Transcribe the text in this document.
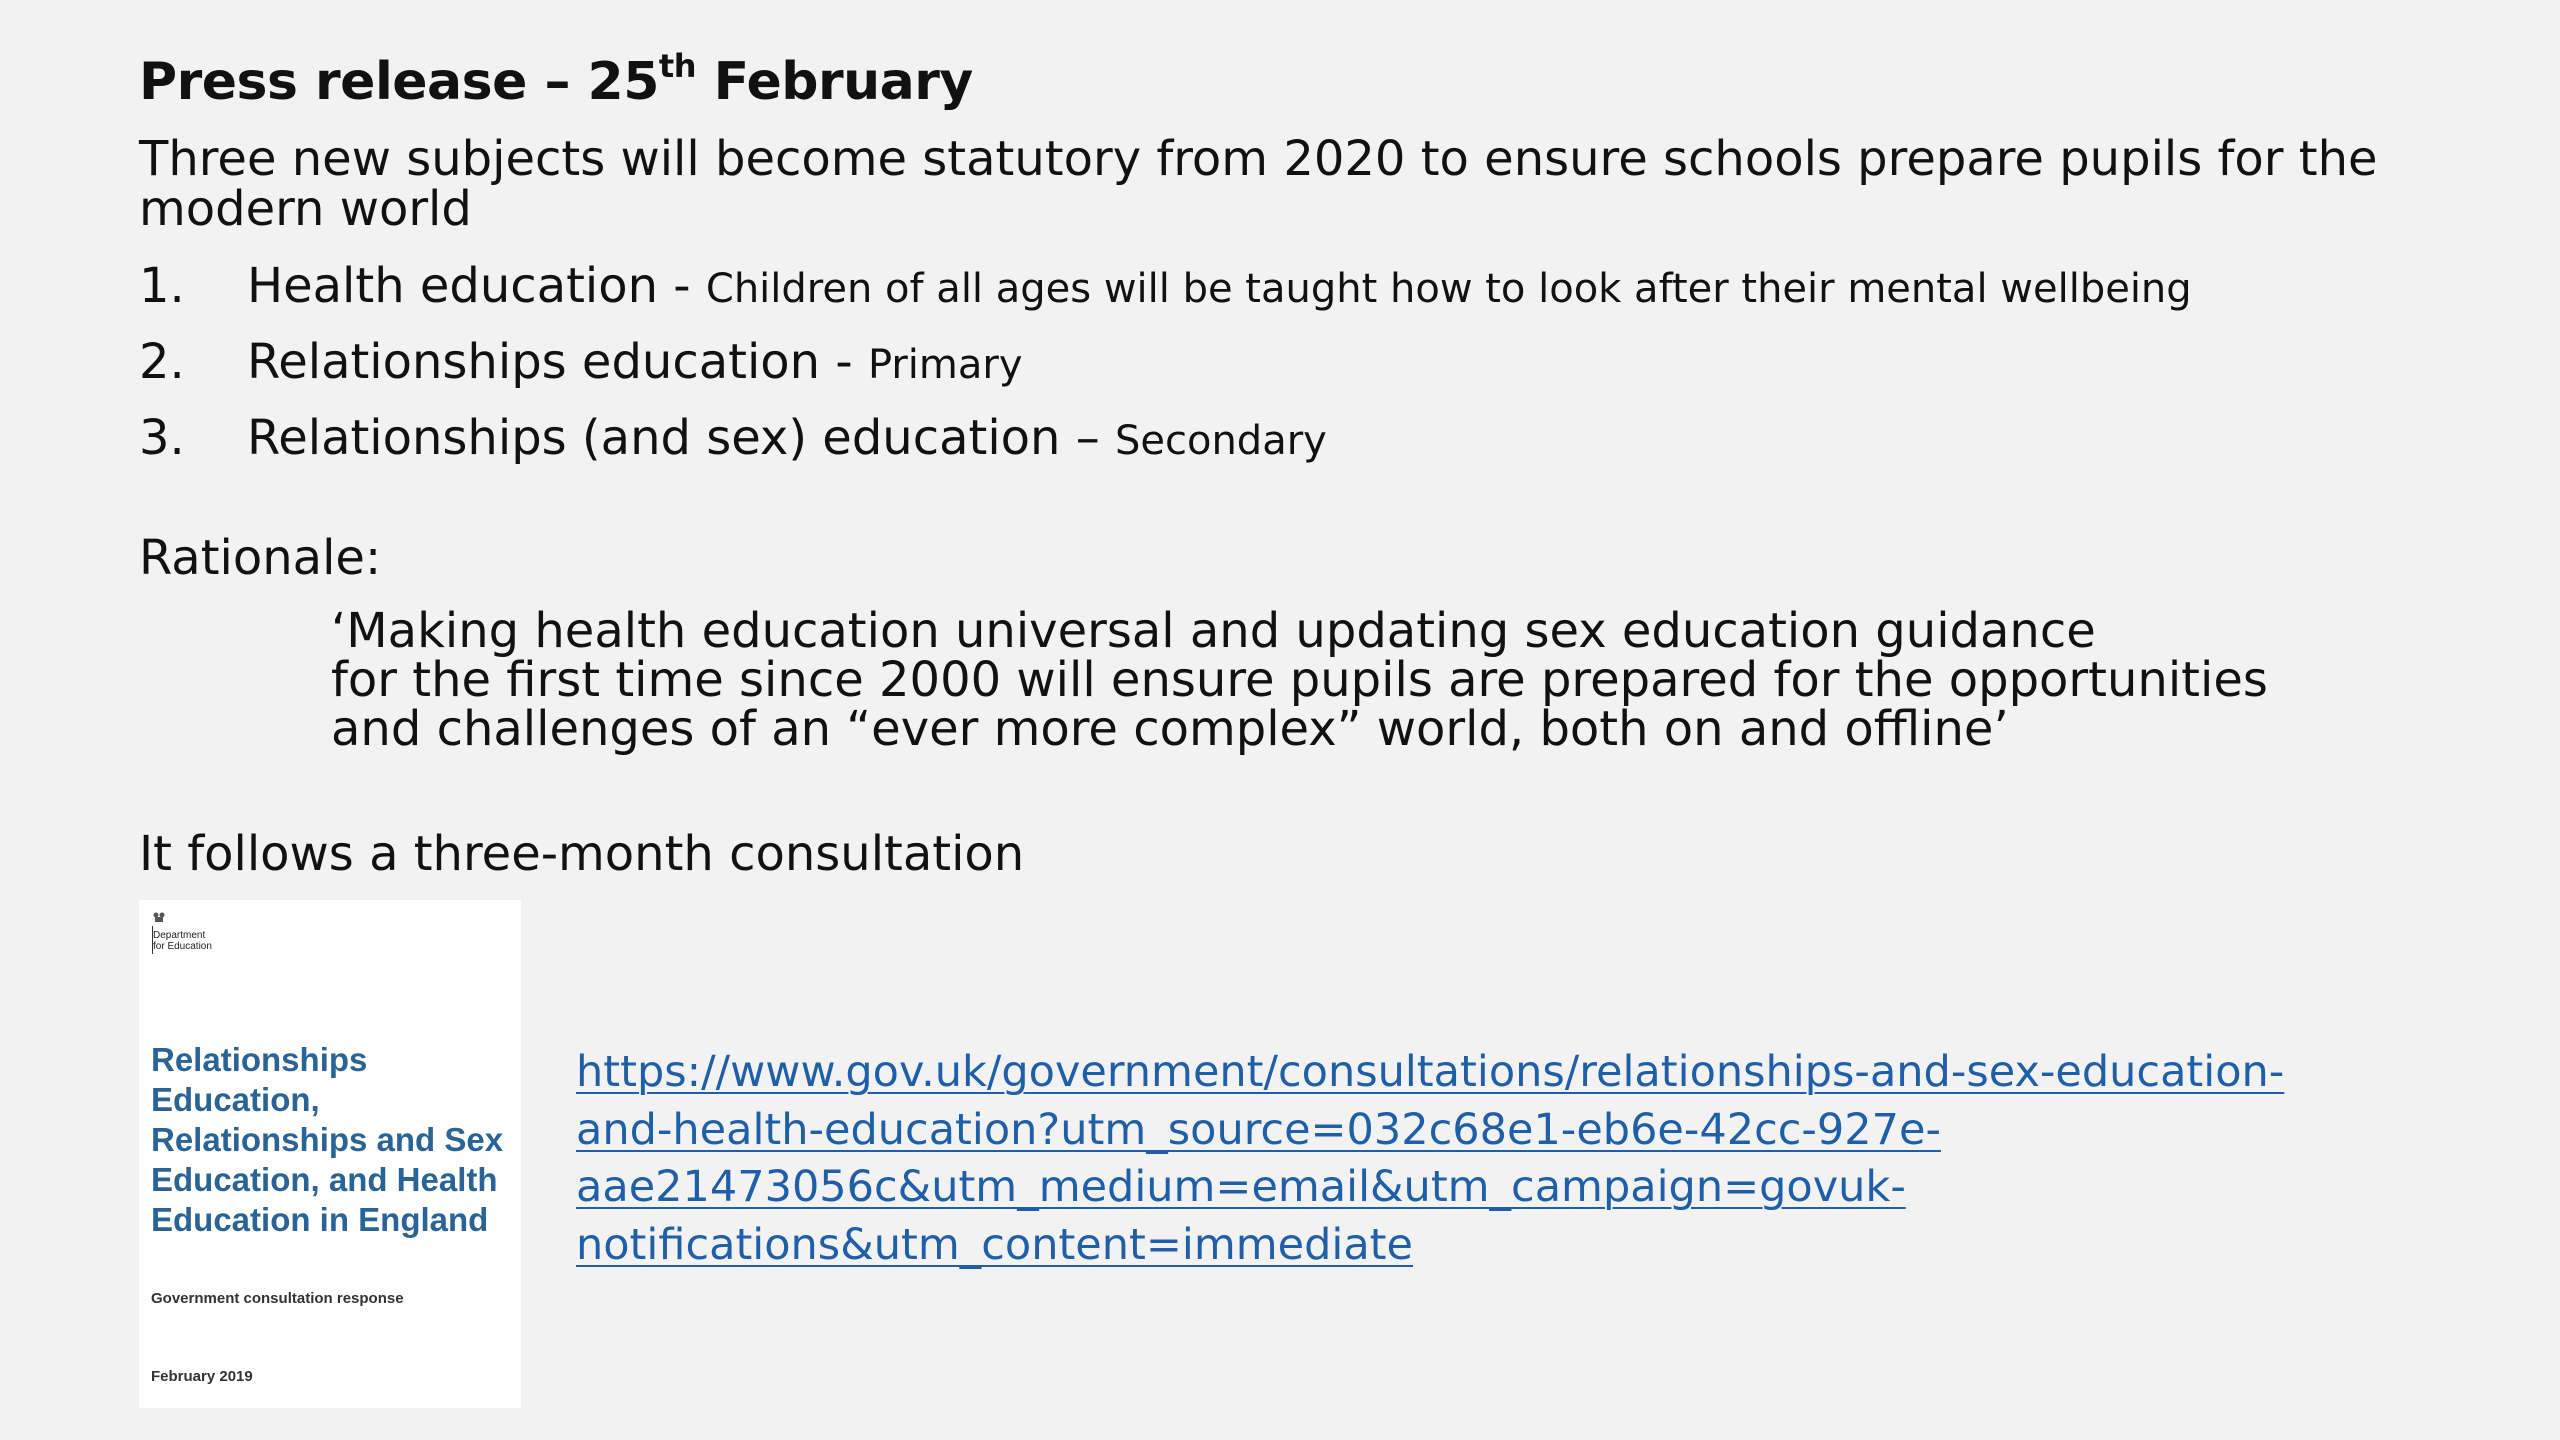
Press release – 25th February
Three new subjects will become statutory from 2020 to ensure schools prepare pupils for the modern world
1. Health education - Children of all ages will be taught how to look after their mental wellbeing
2. Relationships education - Primary
3. Relationships (and sex) education – Secondary
Rationale:
‘Making health education universal and updating sex education guidance
for the first time since 2000 will ensure pupils are prepared for the opportunities
and challenges of an “ever more complex” world, both on and offline’
It follows a three-month consultation
Department
for Education
Relationships Education, Relationships and Sex Education, and Health Education in England
Government consultation response
February 2019
https://www.gov.uk/government/consultations/relationships-and-sex-education-
and-health-education?utm_source=032c68e1-eb6e-42cc-927e-
aae21473056c&utm_medium=email&utm_campaign=govuk-
notifications&utm_content=immediate
